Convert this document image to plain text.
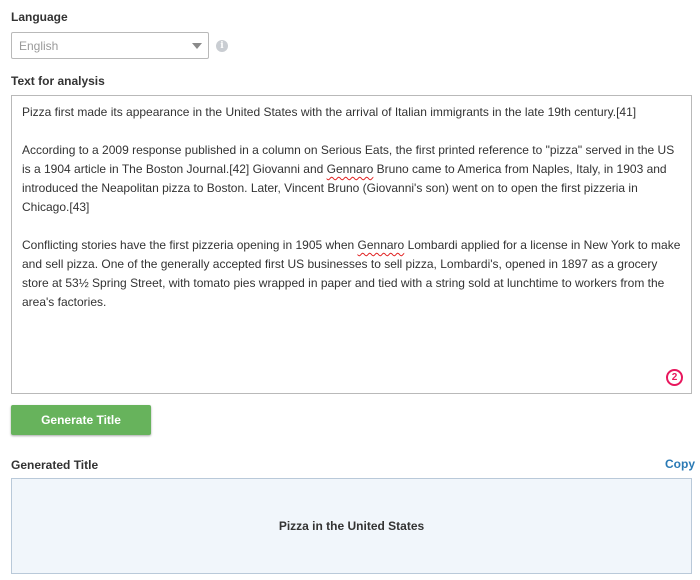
Language
English	i
Text for analysis

Pizza first made its appearance in the United States with the arrival of Italian immigrants in the late 19th century.[41]

According to a 2009 response published in a column on Serious Eats, the first printed reference to "pizza" served in the US is a 1904 article in The Boston Journal.[42] Giovanni and Gennaro Bruno came to America from Naples, Italy, in 1903 and introduced the Neapolitan pizza to Boston. Later, Vincent Bruno (Giovanni's son) went on to open the first pizzeria in Chicago.[43]

Conflicting stories have the first pizzeria opening in 1905 when Gennaro Lombardi applied for a license in New York to make and sell pizza. One of the generally accepted first US businesses to sell pizza, Lombardi's, opened in 1897 as a grocery store at 53½ Spring Street, with tomato pies wrapped in paper and tied with a string sold at lunchtime to workers from the area's factories.

2
Generate Title
Generated Title	Copy
Pizza in the United States
